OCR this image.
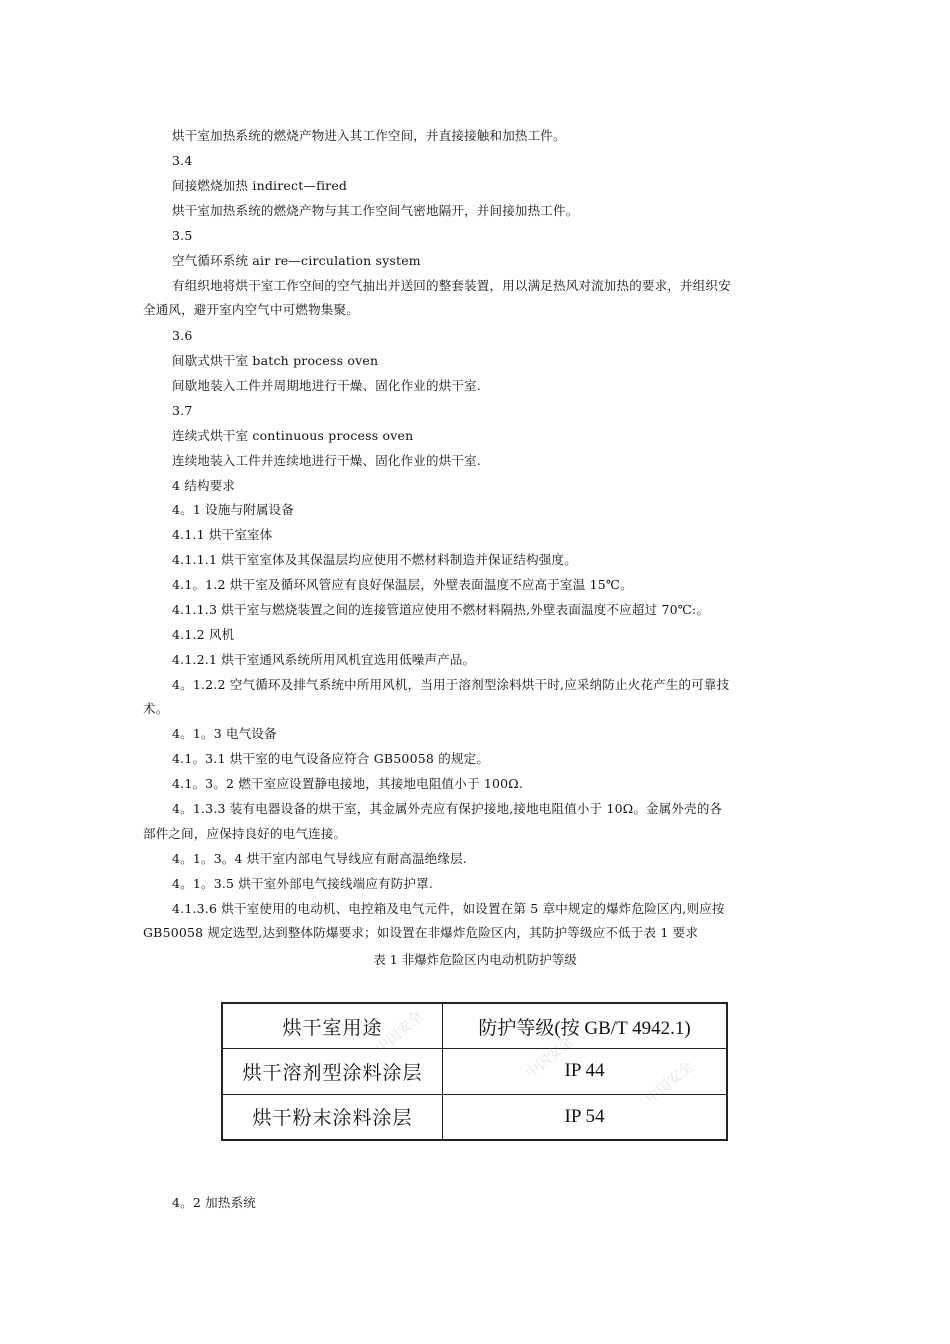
烘干室加热系统的燃烧产物进入其工作空间，并直接接触和加热工件。
3.4
间接燃烧加热 indirect—fired
烘干室加热系统的燃烧产物与其工作空间气密地隔开，并间接加热工件。
3.5
空气循环系统 air re—circulation system
有组织地将烘干室工作空间的空气抽出并送回的整套装置，用以满足热风对流加热的要求，并组织安
全通风，避开室内空气中可燃物集聚。
3.6
间歇式烘干室 batch process oven
间歇地装入工件并周期地进行干燥、固化作业的烘干室.
3.7
连续式烘干室 continuous process oven
连续地装入工件并连续地进行干燥、固化作业的烘干室.
4 结构要求
4。1 设施与附属设备
4.1.1 烘干室室体
4.1.1.1 烘干室室体及其保温层均应使用不燃材料制造并保证结构强度。
4.1。1.2 烘干室及循环风管应有良好保温层，外壁表面温度不应高于室温 15℃。
4.1.1.3 烘干室与燃烧装置之间的连接管道应使用不燃材料隔热,外壁表面温度不应超过 70℃:。
4.1.2 风机
4.1.2.1 烘干室通风系统所用风机宜选用低噪声产品。
4。1.2.2 空气循环及排气系统中所用风机，当用于溶剂型涂料烘干时,应采纳防止火花产生的可靠技
术。
4。1。3 电气设备
4.1。3.1 烘干室的电气设备应符合 GB50058 的规定。
4.1。3。2 燃干室应设置静电接地，其接地电阻值小于 100Ω.
4。1.3.3 装有电器设备的烘干室，其金属外壳应有保护接地,接地电阻值小于 10Ω。金属外壳的各
部件之间，应保持良好的电气连接。
4。1。3。4 烘干室内部电气导线应有耐高温绝缘层.
4。1。3.5 烘干室外部电气接线端应有防护罩.
4.1.3.6 烘干室使用的电动机、电控箱及电气元件，如设置在第 5 章中规定的爆炸危险区内,则应按
GB50058 规定选型,达到整体防爆要求；如设置在非爆炸危险区内，其防护等级应不低于表 1 要求
表 1 非爆炸危险区内电动机防护等级
烘干室用途	防护等级(按 GB/T 4942.1)
烘干溶剂型涂料涂层	IP 44
烘干粉末涂料涂层	IP 54
中国安全
中国安全
中国安全
4。2 加热系统
